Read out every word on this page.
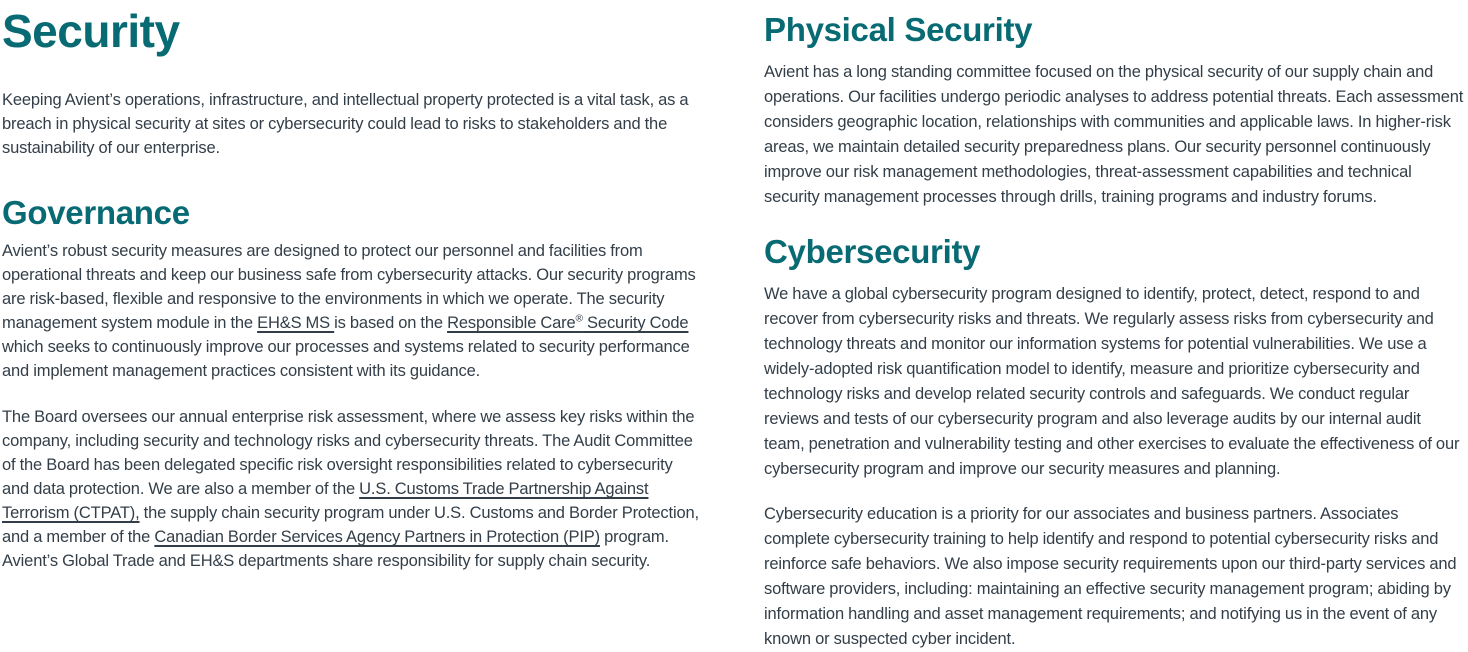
Security

Keeping Avient’s operations, infrastructure, and intellectual property protected is a vital task, as a breach in physical security at sites or cybersecurity could lead to risks to stakeholders and the sustainability of our enterprise.

Governance

Avient’s robust security measures are designed to protect our personnel and facilities from operational threats and keep our business safe from cybersecurity attacks. Our security programs are risk-based, flexible and responsive to the environments in which we operate. The security management system module in the EH&S MS is based on the Responsible Care® Security Code which seeks to continuously improve our processes and systems related to security performance and implement management practices consistent with its guidance.

The Board oversees our annual enterprise risk assessment, where we assess key risks within the company, including security and technology risks and cybersecurity threats. The Audit Committee of the Board has been delegated specific risk oversight responsibilities related to cybersecurity and data protection. We are also a member of the U.S. Customs Trade Partnership Against Terrorism (CTPAT), the supply chain security program under U.S. Customs and Border Protection, and a member of the Canadian Border Services Agency Partners in Protection (PIP) program. Avient’s Global Trade and EH&S departments share responsibility for supply chain security.

Physical Security

Avient has a long standing committee focused on the physical security of our supply chain and operations. Our facilities undergo periodic analyses to address potential threats. Each assessment considers geographic location, relationships with communities and applicable laws. In higher-risk areas, we maintain detailed security preparedness plans. Our security personnel continuously improve our risk management methodologies, threat-assessment capabilities and technical security management processes through drills, training programs and industry forums.

Cybersecurity

We have a global cybersecurity program designed to identify, protect, detect, respond to and recover from cybersecurity risks and threats. We regularly assess risks from cybersecurity and technology threats and monitor our information systems for potential vulnerabilities. We use a widely-adopted risk quantification model to identify, measure and prioritize cybersecurity and technology risks and develop related security controls and safeguards. We conduct regular reviews and tests of our cybersecurity program and also leverage audits by our internal audit team, penetration and vulnerability testing and other exercises to evaluate the effectiveness of our cybersecurity program and improve our security measures and planning.

Cybersecurity education is a priority for our associates and business partners. Associates complete cybersecurity training to help identify and respond to potential cybersecurity risks and reinforce safe behaviors. We also impose security requirements upon our third-party services and software providers, including: maintaining an effective security management program; abiding by information handling and asset management requirements; and notifying us in the event of any known or suspected cyber incident.
